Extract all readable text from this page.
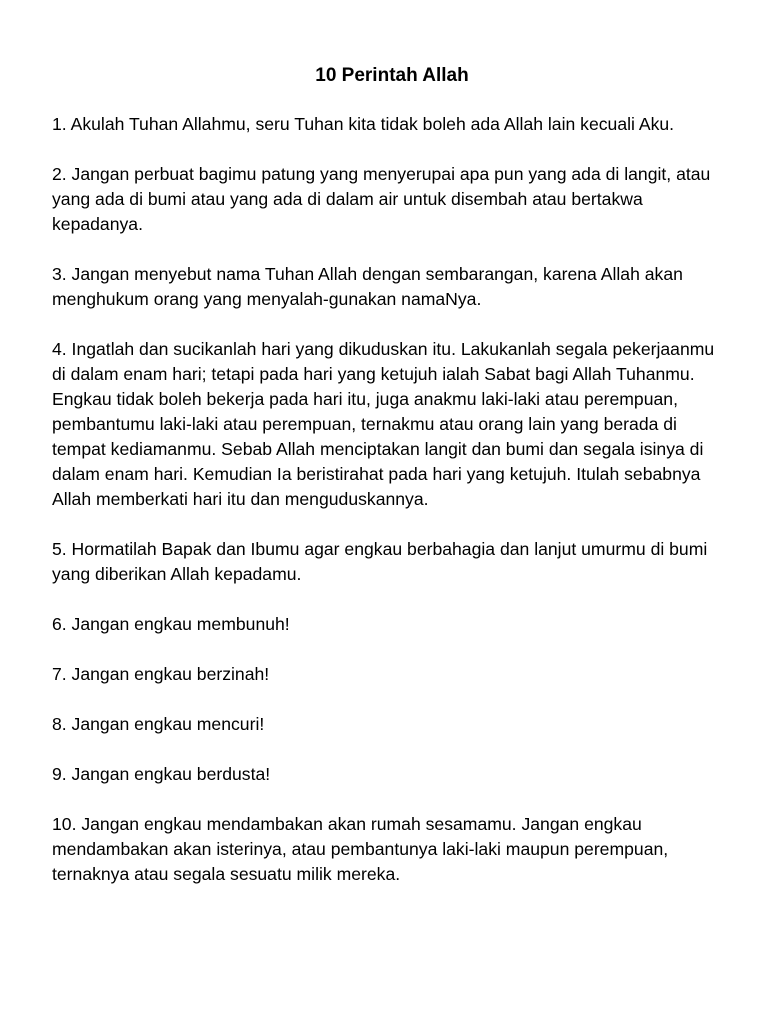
10 Perintah Allah

1. Akulah Tuhan Allahmu, seru Tuhan kita tidak boleh ada Allah lain kecuali Aku.

2. Jangan perbuat bagimu patung yang menyerupai apa pun yang ada di langit, atau yang ada di bumi atau yang ada di dalam air untuk disembah atau bertakwa kepadanya.

3. Jangan menyebut nama Tuhan Allah dengan sembarangan, karena Allah akan menghukum orang yang menyalah-gunakan namaNya.

4. Ingatlah dan sucikanlah hari yang dikuduskan itu. Lakukanlah segala pekerjaanmu di dalam enam hari; tetapi pada hari yang ketujuh ialah Sabat bagi Allah Tuhanmu. Engkau tidak boleh bekerja pada hari itu, juga anakmu laki-laki atau perempuan, pembantumu laki-laki atau perempuan, ternakmu atau orang lain yang berada di tempat kediamanmu. Sebab Allah menciptakan langit dan bumi dan segala isinya di dalam enam hari. Kemudian Ia beristirahat pada hari yang ketujuh. Itulah sebabnya Allah memberkati hari itu dan menguduskannya.

5. Hormatilah Bapak dan Ibumu agar engkau berbahagia dan lanjut umurmu di bumi yang diberikan Allah kepadamu.

6. Jangan engkau membunuh!

7. Jangan engkau berzinah!

8. Jangan engkau mencuri!

9. Jangan engkau berdusta!

10. Jangan engkau mendambakan akan rumah sesamamu. Jangan engkau mendambakan akan isterinya, atau pembantunya laki-laki maupun perempuan, ternaknya atau segala sesuatu milik mereka.
